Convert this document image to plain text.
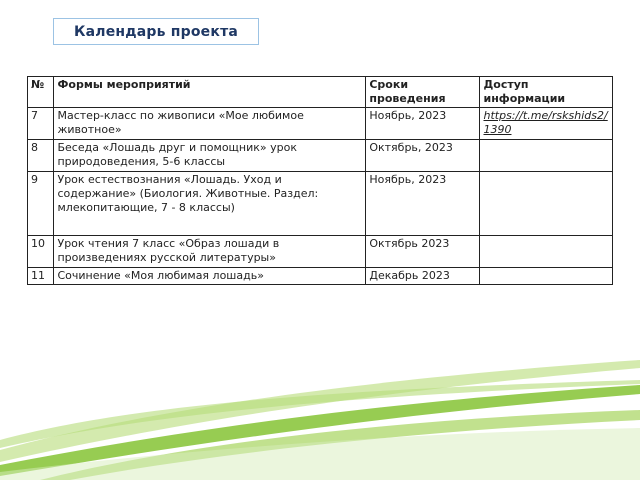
Календарь проекта
№	Формы мероприятий	Сроки проведения	Доступ информации
7	Мастер-класс по живописи «Мое любимое животное»	Ноябрь, 2023	https://t.me/rskshids2/1390
8	Беседа «Лошадь друг и помощник» урок природоведения, 5-6 классы	Октябрь, 2023	
9	Урок естествознания «Лошадь. Уход и содержание» (Биология. Животные. Раздел: млекопитающие, 7 - 8 классы)	Ноябрь, 2023	
10	Урок чтения 7 класс «Образ лошади в произведениях русской литературы»	Октябрь 2023	
11	Сочинение «Моя любимая лошадь»	Декабрь 2023	
